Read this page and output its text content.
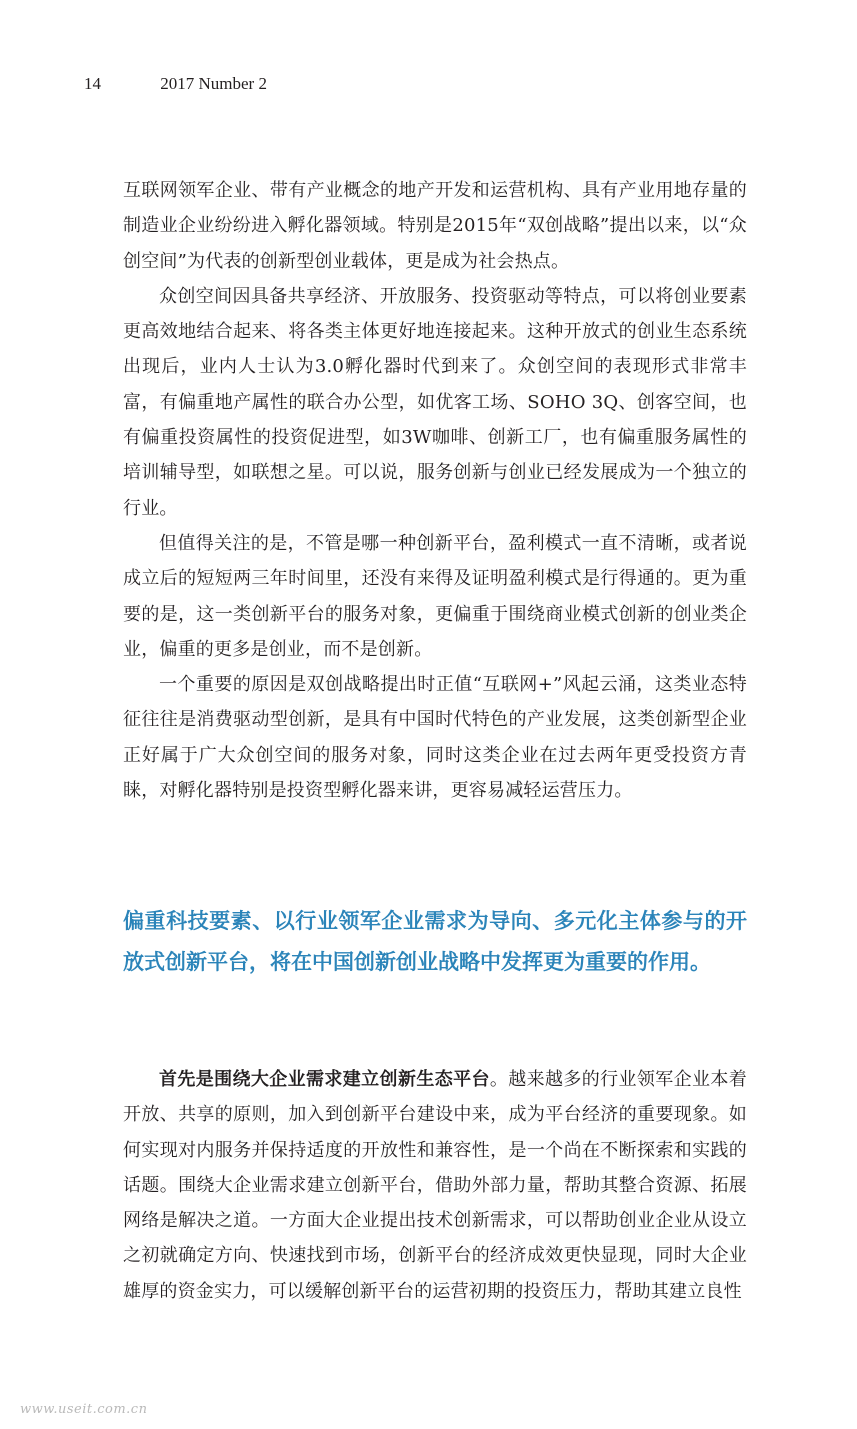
14	2017 Number 2

互联网领军企业、带有产业概念的地产开发和运营机构、具有产业用地存量的制造业企业纷纷进入孵化器领域。特别是2015年“双创战略”提出以来，以“众创空间”为代表的创新型创业载体，更是成为社会热点。

众创空间因具备共享经济、开放服务、投资驱动等特点，可以将创业要素更高效地结合起来、将各类主体更好地连接起来。这种开放式的创业生态系统出现后，业内人士认为3.0孵化器时代到来了。众创空间的表现形式非常丰富，有偏重地产属性的联合办公型，如优客工场、SOHO 3Q、创客空间，也有偏重投资属性的投资促进型，如3W咖啡、创新工厂，也有偏重服务属性的培训辅导型，如联想之星。可以说，服务创新与创业已经发展成为一个独立的行业。

但值得关注的是，不管是哪一种创新平台，盈利模式一直不清晰，或者说成立后的短短两三年时间里，还没有来得及证明盈利模式是行得通的。更为重要的是，这一类创新平台的服务对象，更偏重于围绕商业模式创新的创业类企业，偏重的更多是创业，而不是创新。

一个重要的原因是双创战略提出时正值“互联网+”风起云涌，这类业态特征往往是消费驱动型创新，是具有中国时代特色的产业发展，这类创新型企业正好属于广大众创空间的服务对象，同时这类企业在过去两年更受投资方青睐，对孵化器特别是投资型孵化器来讲，更容易减轻运营压力。

偏重科技要素、以行业领军企业需求为导向、多元化主体参与的开放式创新平台，将在中国创新创业战略中发挥更为重要的作用。

首先是围绕大企业需求建立创新生态平台。越来越多的行业领军企业本着开放、共享的原则，加入到创新平台建设中来，成为平台经济的重要现象。如何实现对内服务并保持适度的开放性和兼容性，是一个尚在不断探索和实践的话题。围绕大企业需求建立创新平台，借助外部力量，帮助其整合资源、拓展网络是解决之道。一方面大企业提出技术创新需求，可以帮助创业企业从设立之初就确定方向、快速找到市场，创新平台的经济成效更快显现，同时大企业雄厚的资金实力，可以缓解创新平台的运营初期的投资压力，帮助其建立良性

www.useit.com.cn
